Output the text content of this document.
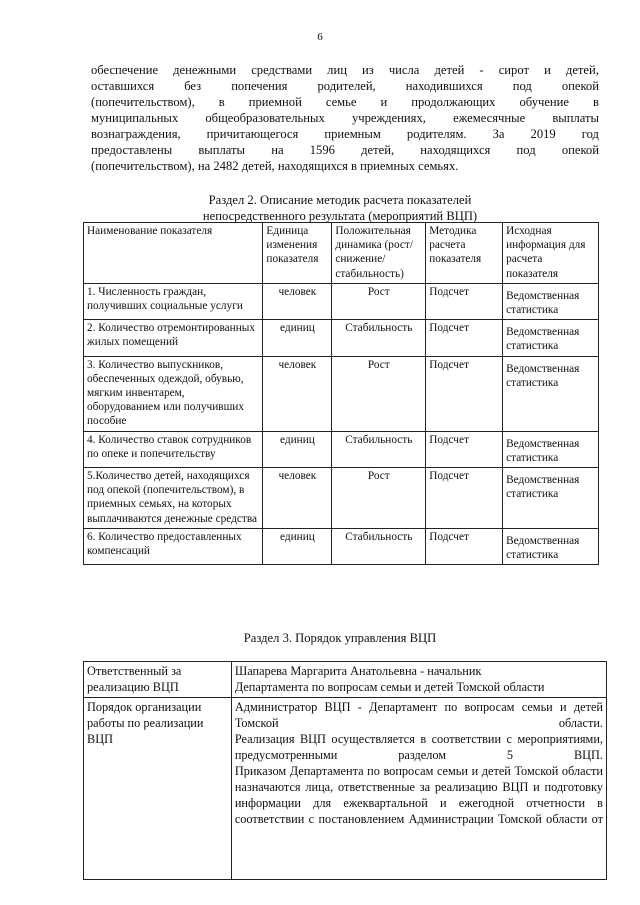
6
обеспечение денежными средствами лиц из числа детей - сирот и детей,
оставшихся без попечения родителей, находившихся под опекой
(попечительством), в приемной семье и продолжающих обучение в
муниципальных общеобразовательных учреждениях, ежемесячные выплаты
вознаграждения, причитающегося приемным родителям. За 2019 год
предоставлены выплаты на 1596 детей, находящихся под опекой
(попечительством), на 2482 детей, находящихся в приемных семьях.
Раздел 2. Описание методик расчета показателей
непосредственного результата (мероприятий ВЦП)
Наименование показателя	Единица изменения показателя	Положительная динамика (рост/снижение/ стабильность)	Методика расчета показателя	Исходная информация для расчета показателя
1. Численность граждан, получивших социальные услуги	человек	Рост	Подсчет	Ведомственная статистика
2. Количество отремонтированных жилых помещений	единиц	Стабильность	Подсчет	Ведомственная статистика
3. Количество выпускников, обеспеченных одеждой, обувью, мягким инвентарем, оборудованием или получивших пособие	человек	Рост	Подсчет	Ведомственная статистика
4. Количество ставок сотрудников по опеке и попечительству	единиц	Стабильность	Подсчет	Ведомственная статистика
5.Количество детей, находящихся под опекой (попечительством), в приемных семьях, на которых выплачиваются денежные средства	человек	Рост	Подсчет	Ведомственная статистика
6. Количество предоставленных компенсаций	единиц	Стабильность	Подсчет	Ведомственная статистика
Раздел 3. Порядок управления ВЦП
Ответственный за реализацию ВЦП	Шапарева Маргарита Анатольевна - начальник
Департамента по вопросам семьи и детей Томской области

Порядок организации работы по реализации ВЦП	Администратор ВЦП - Департамент по вопросам семьи и детей Томской области.
Реализация ВЦП осуществляется в соответствии с мероприятиями, предусмотренными разделом 5 ВЦП.
Приказом Департамента по вопросам семьи и детей Томской области назначаются лица, ответственные за реализацию ВЦП и подготовку информации для ежеквартальной и ежегодной отчетности в соответствии с постановлением Администрации Томской области от
